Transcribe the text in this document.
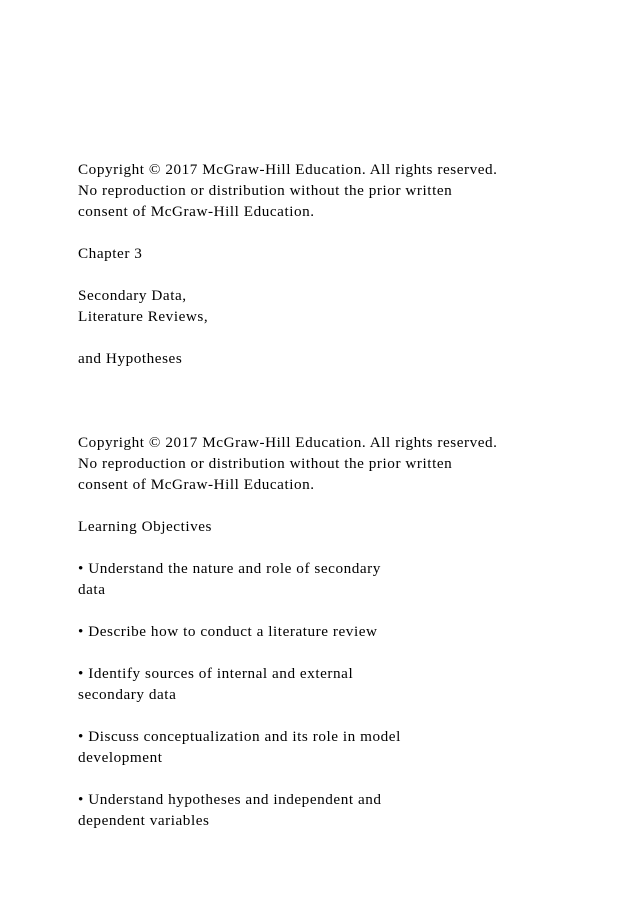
Copyright © 2017 McGraw-Hill Education. All rights reserved.
No reproduction or distribution without the prior written
consent of McGraw-Hill Education.
Chapter 3
Secondary Data,
Literature Reviews,
and Hypotheses
Copyright © 2017 McGraw-Hill Education. All rights reserved.
No reproduction or distribution without the prior written
consent of McGraw-Hill Education.
Learning Objectives
• Understand the nature and role of secondary
data
• Describe how to conduct a literature review
• Identify sources of internal and external
secondary data
• Discuss conceptualization and its role in model
development
• Understand hypotheses and independent and
dependent variables
